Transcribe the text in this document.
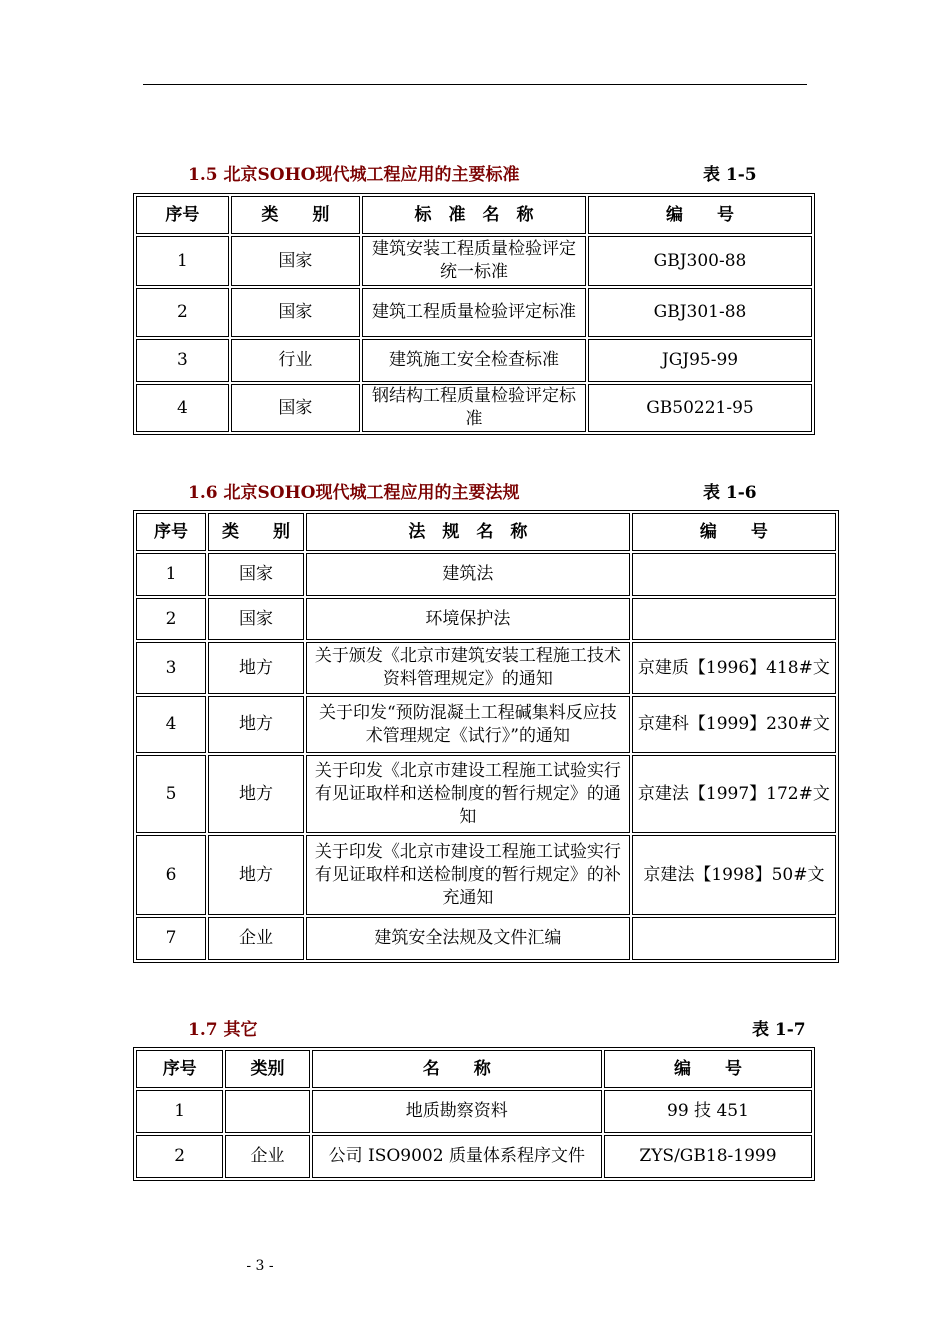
1.5 北京SOHO现代城工程应用的主要标准	表 1-5
序号	类　　别	标　准　名　称	编　　号
1	国家	建筑安装工程质量检验评定统一标准	GBJ300-88
2	国家	建筑工程质量检验评定标准	GBJ301-88
3	行业	建筑施工安全检查标准	JGJ95-99
4	国家	钢结构工程质量检验评定标准	GB50221-95
1.6 北京SOHO现代城工程应用的主要法规	表 1-6
序号	类　　别	法　规　名　称	编　　号
1	国家	建筑法	
2	国家	环境保护法	
3	地方	关于颁发《北京市建筑安装工程施工技术资料管理规定》的通知	京建质【1996】418#文
4	地方	关于印发“预防混凝土工程碱集料反应技术管理规定《试行》”的通知	京建科【1999】230#文
5	地方	关于印发《北京市建设工程施工试验实行有见证取样和送检制度的暂行规定》的通知	京建法【1997】172#文
6	地方	关于印发《北京市建设工程施工试验实行有见证取样和送检制度的暂行规定》的补充通知	京建法【1998】50#文
7	企业	建筑安全法规及文件汇编	
1.7 其它	表 1-7
序号	类别	名　　称	编　　号
1		地质勘察资料	99 技 451
2	企业	公司 ISO9002 质量体系程序文件	ZYS/GB18-1999
- 3 -
